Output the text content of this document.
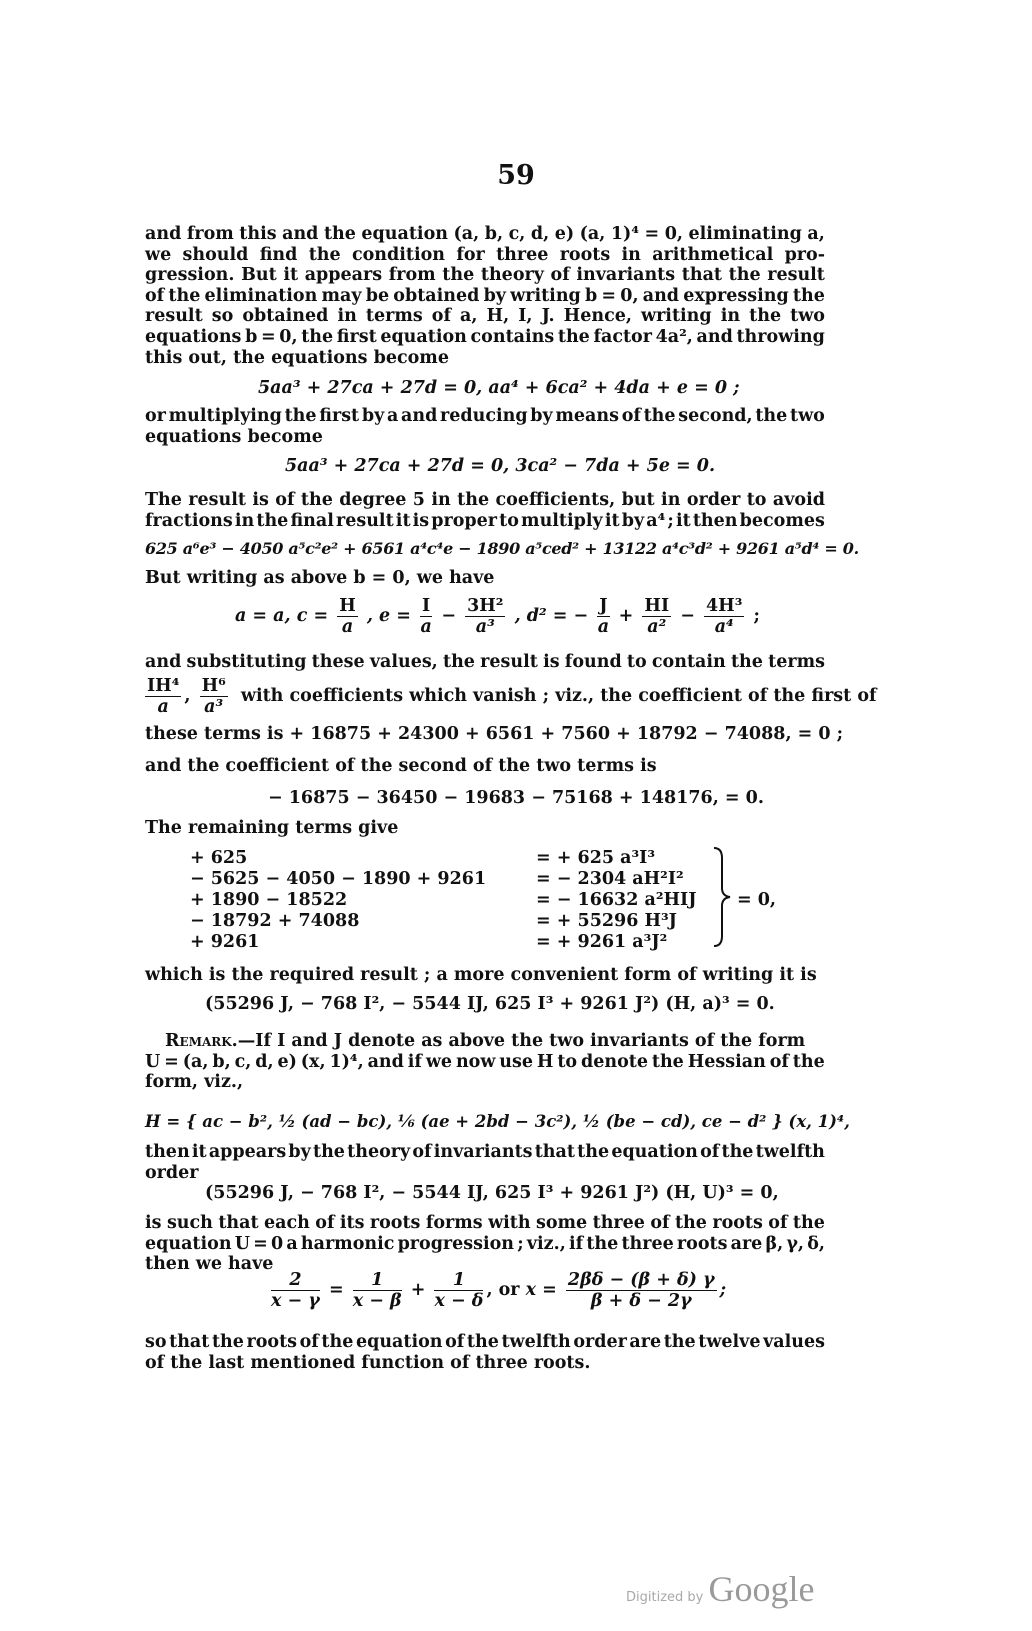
59
and from this and the equation (a, b, c, d, e) (a, 1)⁴ = 0, eliminating a,
we should find the condition for three roots in arithmetical pro-
gression. But it appears from the theory of invariants that the result
of the elimination may be obtained by writing b = 0, and expressing the
result so obtained in terms of a, H, I, J. Hence, writing in the two
equations b = 0, the first equation contains the factor 4a², and throwing
this out, the equations become
5aa³ + 27ca + 27d = 0, aa⁴ + 6ca² + 4da + e = 0 ;
or multiplying the first by a and reducing by means of the second, the two
equations become
5aa³ + 27ca + 27d = 0, 3ca² − 7da + 5e = 0.
The result is of the degree 5 in the coefficients, but in order to avoid
fractions in the final result it is proper to multiply it by a⁴ ; it then becomes
625 a⁶e³ − 4050 a⁵c²e² + 6561 a⁴c⁴e − 1890 a⁵ced² + 13122 a⁴c³d² + 9261 a⁵d⁴ = 0.
But writing as above b = 0, we have
a = a, $c = \frac{H}{a}$ , $e = \frac{I}{a} - \frac{\text{3H²}}{\text{a³}}$ , d² = − $\frac{J}{a} + \frac{HI}{\text{a²}} - \frac{\text{4H³}}{\text{a⁴}}$ ;
and substituting these values, the result is found to contain the terms
$\frac{\text{IH⁴}}{a}$ , $\frac{\text{H⁶}}{\text{a³}}$ with coefficients which vanish ; viz., the coefficient of the first of
these terms is + 16875 + 24300 + 6561 + 7560 + 18792 − 74088, = 0 ;
and the coefficient of the second of the two terms is
− 16875 − 36450 − 19683 − 75168 + 148176, = 0.
The remaining terms give
+ 625	= + 625 a³I³
− 5625 − 4050 − 1890 + 9261	= − 2304 aH²I²
+ 1890 − 18522	= − 16632 a²HIJ
− 18792 + 74088	= + 55296 H³J
+ 9261	= + 9261 a³J²
= 0,
which is the required result ; a more convenient form of writing it is
(55296 J, − 768 I², − 5544 IJ, 625 I³ + 9261 J²) (H, a)³ = 0.
Remark. —If I and J denote as above the two invariants of the form
U = (a, b, c, d, e) (x, 1)⁴, and if we now use H to denote the Hessian of the
form, viz.,
H = { ac − b², ½ (ad − bc), ⅙ (ae + 2bd − 3c²), ½ (be − cd), ce − d² } (x, 1)⁴,
then it appears by the theory of invariants that the equation of the twelfth
order
(55296 J, − 768 I², − 5544 IJ, 625 I³ + 9261 J²) (H, U)³ = 0,
is such that each of its roots forms with some three of the roots of the
equation U = 0 a harmonic progression ; viz., if the three roots are β, γ, δ,
then we have
$\frac{2}{x - \gamma} = \frac{1}{x - \beta} + \frac{1}{x - \delta}$ , or $x = \frac{2\beta\delta - (\beta + \delta) \gamma}{\beta + \delta - 2\gamma}$ ;
so that the roots of the equation of the twelfth order are the twelve values
of the last mentioned function of three roots.
Digitized by Google
